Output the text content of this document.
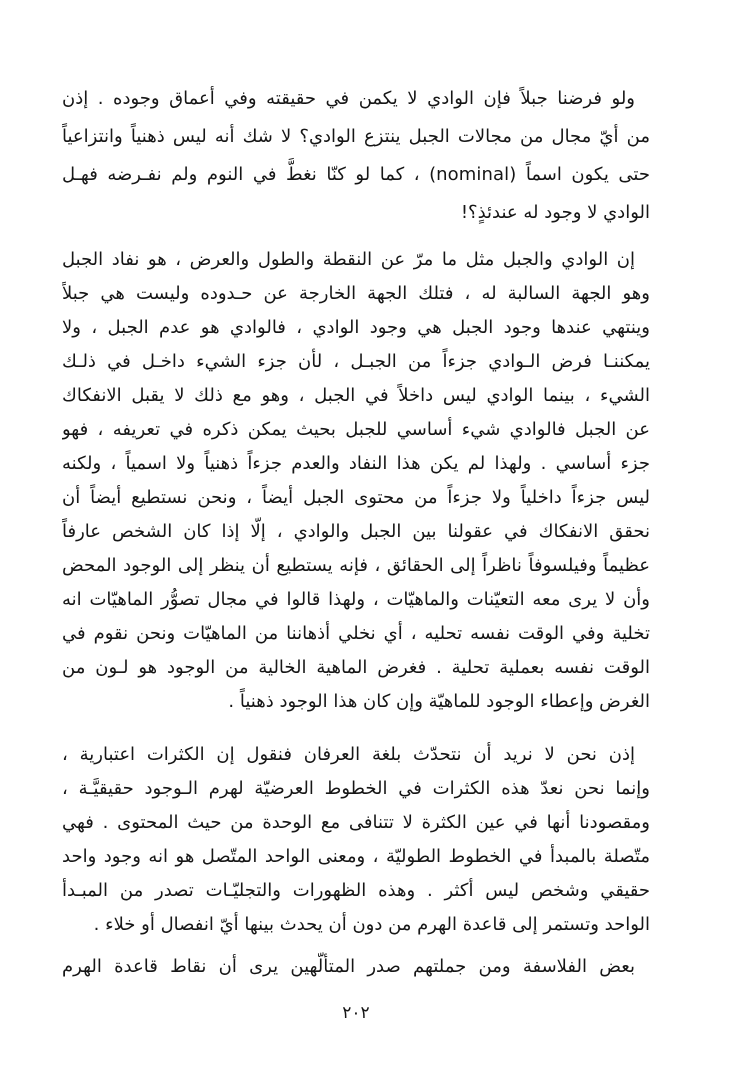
ولو فرضنا جبلاً فإن الوادي لا يكمن في حقيقته وفي أعماق وجوده . إذن
من أيّ مجال من مجالات الجبل ينتزع الوادي؟ لا شك أنه ليس ذهنياً وانتزاعياً
حتى يكون اسماً (nominal) ، كما لو كنّا نغطَّ في النوم ولم نفـرضه فهـل
الوادي لا وجود له عندئذٍ؟!
إن الوادي والجبل مثل ما مرّ عن النقطة والطول والعرض ، هو نفاد الجبل
وهو الجهة السالبة له ، فتلك الجهة الخارجة عن حـدوده وليست هي جبلاً
وينتهي عندها وجود الجبل هي وجود الوادي ، فالوادي هو عدم الجبل ، ولا
يمكننـا فرض الـوادي جزءاً من الجبـل ، لأن جزء الشيء داخـل في ذلـك
الشيء ، بينما الوادي ليس داخلاً في الجبل ، وهو مع ذلك لا يقبل الانفكاك
عن الجبل فالوادي شيء أساسي للجبل بحيث يمكن ذكره في تعريفه ، فهو
جزء أساسي . ولهذا لم يكن هذا النفاد والعدم جزءاً ذهنياً ولا اسمياً ، ولكنه
ليس جزءاً داخلياً ولا جزءاً من محتوى الجبل أيضاً ، ونحن نستطيع أيضاً أن
نحقق الانفكاك في عقولنا بين الجبل والوادي ، إلّا إذا كان الشخص عارفاً
عظيماً وفيلسوفاً ناظراً إلى الحقائق ، فإنه يستطيع أن ينظر إلى الوجود المحض
وأن لا يرى معه التعيّنات والماهيّات ، ولهذا قالوا في مجال تصوُّر الماهيّات انه
تخلية وفي الوقت نفسه تحليه ، أي نخلي أذهاننا من الماهيّات ونحن نقوم في
الوقت نفسه بعملية تحلية . فغرض الماهية الخالية من الوجود هو لـون من
الغرض وإعطاء الوجود للماهيّة وإن كان هذا الوجود ذهنياً .
إذن نحن لا نريد أن نتحدّث بلغة العرفان فنقول إن الكثرات اعتبارية ،
وإنما نحن نعدّ هذه الكثرات في الخطوط العرضيّة لهرم الـوجود حقيقيَّـة ،
ومقصودنا أنها في عين الكثرة لا تتنافى مع الوحدة من حيث المحتوى . فهي
متّصلة بالمبدأ في الخطوط الطوليّة ، ومعنى الواحد المتّصل هو انه وجود واحد
حقيقي وشخص ليس أكثر . وهذه الظهورات والتجليّـات تصدر من المبـدأ
الواحد وتستمر إلى قاعدة الهرم من دون أن يحدث بينها أيّ انفصال أو خلاء .
بعض الفلاسفة ومن جملتهم صدر المتألّهين يرى أن نقاط قاعدة الهرم
٢٠٢
